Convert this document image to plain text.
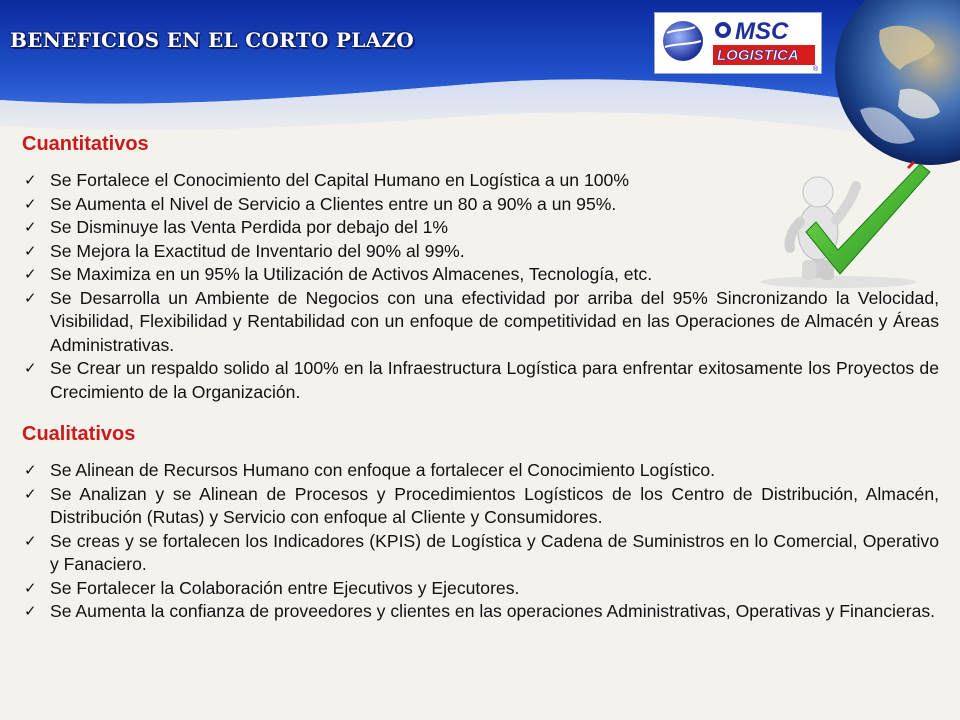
BENEFICIOS EN EL CORTO PLAZO	MSC
LOGISTICA
®
Cuantitativos
✓ Se Fortalece el Conocimiento del Capital Humano en Logística a un 100%
✓ Se Aumenta el Nivel de Servicio a Clientes entre un 80 a 90% a un 95%.
✓ Se Disminuye las Venta Perdida por debajo del 1%
✓ Se Mejora la Exactitud de Inventario del 90% al 99%.
✓ Se Maximiza en un 95% la Utilización de Activos Almacenes, Tecnología, etc.
✓ Se Desarrolla un Ambiente de Negocios con una efectividad por arriba del 95% Sincronizando la Velocidad, Visibilidad, Flexibilidad y Rentabilidad con un enfoque de competitividad en las Operaciones de Almacén y Áreas Administrativas.
✓ Se Crear un respaldo solido al 100% en la Infraestructura Logística para enfrentar exitosamente los Proyectos de Crecimiento de la Organización.
Cualitativos
✓ Se Alinean de Recursos Humano con enfoque a fortalecer el Conocimiento Logístico.
✓ Se Analizan y se Alinean de Procesos y Procedimientos Logísticos de los Centro de Distribución, Almacén, Distribución (Rutas) y Servicio con enfoque al Cliente y Consumidores.
✓ Se creas y se fortalecen los Indicadores (KPIS) de Logística y Cadena de Suministros en lo Comercial, Operativo y Fanaciero.
✓ Se Fortalecer la Colaboración entre Ejecutivos y Ejecutores.
✓ Se Aumenta la confianza de proveedores y clientes en las operaciones Administrativas, Operativas y Financieras.
